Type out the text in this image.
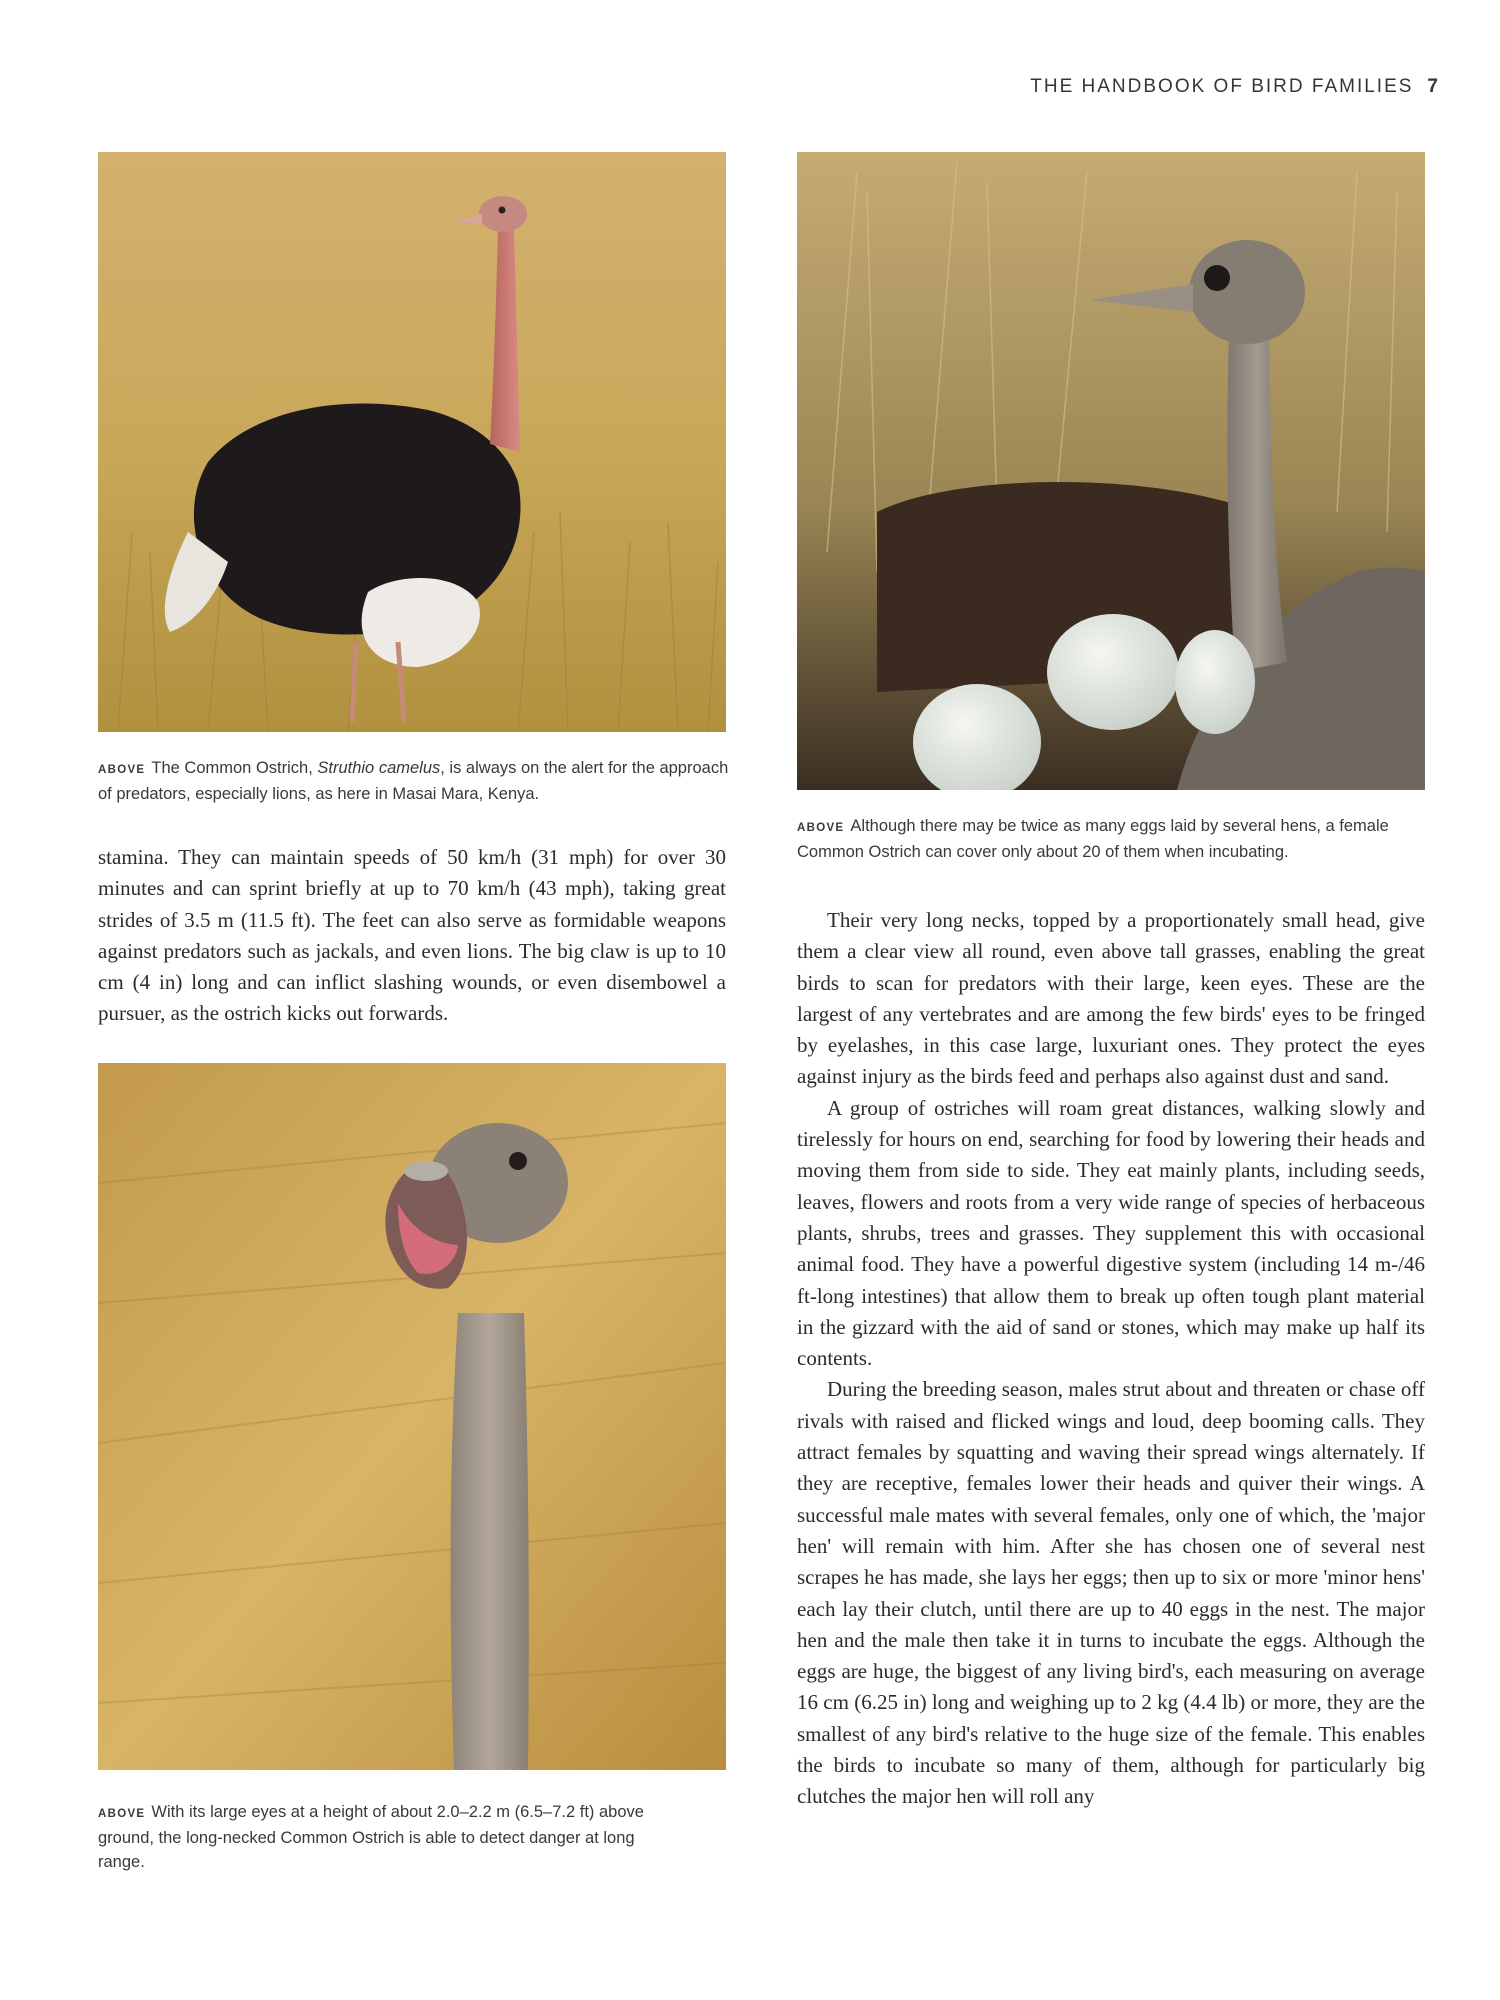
THE HANDBOOK OF BIRD FAMILIES 7
ABOVE The Common Ostrich, Struthio camelus, is always on the alert for the approach of predators, especially lions, as here in Masai Mara, Kenya.

stamina. They can maintain speeds of 50 km/h (31 mph) for over 30 minutes and can sprint briefly at up to 70 km/h (43 mph), taking great strides of 3.5 m (11.5 ft). The feet can also serve as formidable weapons against predators such as jackals, and even lions. The big claw is up to 10 cm (4 in) long and can inflict slashing wounds, or even disembowel a pursuer, as the ostrich kicks out forwards.

ABOVE With its large eyes at a height of about 2.0–2.2 m (6.5–7.2 ft) above ground, the long-necked Common Ostrich is able to detect danger at long range.
ABOVE Although there may be twice as many eggs laid by several hens, a female Common Ostrich can cover only about 20 of them when incubating.

Their very long necks, topped by a proportionately small head, give them a clear view all round, even above tall grasses, enabling the great birds to scan for predators with their large, keen eyes. These are the largest of any vertebrates and are among the few birds' eyes to be fringed by eyelashes, in this case large, luxuriant ones. They protect the eyes against injury as the birds feed and perhaps also against dust and sand.

A group of ostriches will roam great distances, walking slowly and tirelessly for hours on end, searching for food by lowering their heads and moving them from side to side. They eat mainly plants, including seeds, leaves, flowers and roots from a very wide range of species of herbaceous plants, shrubs, trees and grasses. They supplement this with occasional animal food. They have a powerful digestive system (including 14 m-/46 ft-long intestines) that allow them to break up often tough plant material in the gizzard with the aid of sand or stones, which may make up half its contents.

During the breeding season, males strut about and threaten or chase off rivals with raised and flicked wings and loud, deep booming calls. They attract females by squatting and waving their spread wings alternately. If they are receptive, females lower their heads and quiver their wings. A successful male mates with several females, only one of which, the 'major hen' will remain with him. After she has chosen one of several nest scrapes he has made, she lays her eggs; then up to six or more 'minor hens' each lay their clutch, until there are up to 40 eggs in the nest. The major hen and the male then take it in turns to incubate the eggs. Although the eggs are huge, the biggest of any living bird's, each measuring on average 16 cm (6.25 in) long and weighing up to 2 kg (4.4 lb) or more, they are the smallest of any bird's relative to the huge size of the female. This enables the birds to incubate so many of them, although for particularly big clutches the major hen will roll any
